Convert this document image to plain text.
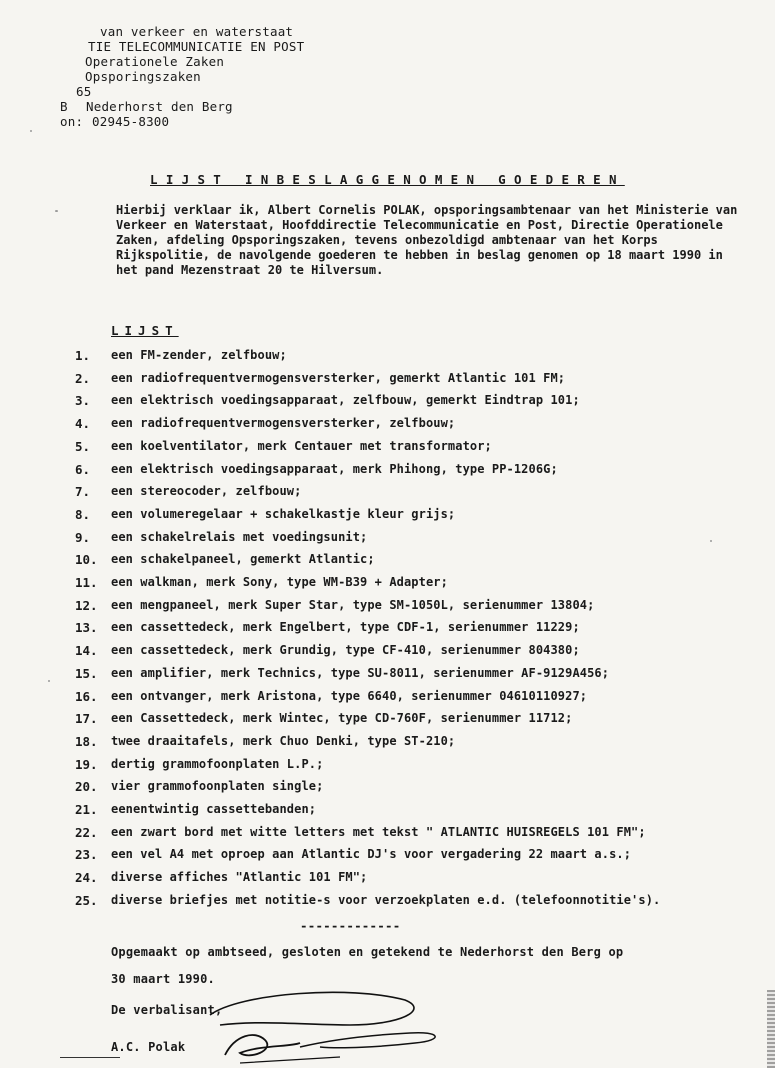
van verkeer en waterstaat
TIE TELECOMMUNICATIE EN POST
Operationele Zaken
Opsporingszaken
65
B Nederhorst den Berg
on: 02945-8300
LIJST INBESLAGGENOMEN GOEDEREN
Hierbij verklaar ik, Albert Cornelis POLAK, opsporingsambtenaar van het Ministerie van Verkeer en Waterstaat, Hoofddirectie Telecommunicatie en Post, Directie Operationele Zaken, afdeling Opsporingszaken, tevens onbezoldigd ambtenaar van het Korps Rijkspolitie, de navolgende goederen te hebben in beslag genomen op 18 maart 1990 in het pand Mezenstraat 20 te Hilversum.
LIJST
1.	een FM-zender, zelfbouw;
2.	een radiofrequentvermogensversterker, gemerkt Atlantic 101 FM;
3.	een elektrisch voedingsapparaat, zelfbouw, gemerkt Eindtrap 101;
4.	een radiofrequentvermogensversterker, zelfbouw;
5.	een koelventilator, merk Centauer met transformator;
6.	een elektrisch voedingsapparaat, merk Phihong, type PP-1206G;
7.	een stereocoder, zelfbouw;
8.	een volumeregelaar + schakelkastje kleur grijs;
9.	een schakelrelais met voedingsunit;
10.	een schakelpaneel, gemerkt Atlantic;
11.	een walkman, merk Sony, type WM-B39 + Adapter;
12.	een mengpaneel, merk Super Star, type SM-1050L, serienummer 13804;
13.	een cassettedeck, merk Engelbert, type CDF-1, serienummer 11229;
14.	een cassettedeck, merk Grundig, type CF-410, serienummer 804380;
15.	een amplifier, merk Technics, type SU-8011, serienummer AF-9129A456;
16.	een ontvanger, merk Aristona, type 6640, serienummer 04610110927;
17.	een Cassettedeck, merk Wintec, type CD-760F, serienummer 11712;
18.	twee draaitafels, merk Chuo Denki, type ST-210;
19.	dertig grammofoonplaten L.P.;
20.	vier grammofoonplaten single;
21.	eenentwintig cassettebanden;
22.	een zwart bord met witte letters met tekst " ATLANTIC HUISREGELS 101 FM";
23.	een vel A4 met oproep aan Atlantic DJ's voor vergadering 22 maart a.s.;
24.	diverse affiches "Atlantic 101 FM";
25.	diverse briefjes met notitie-s voor verzoekplaten e.d. (telefoonnotitie's).
-------------
Opgemaakt op ambtseed, gesloten en getekend te Nederhorst den Berg op
30 maart 1990.
De verbalisant,
A.C. Polak
